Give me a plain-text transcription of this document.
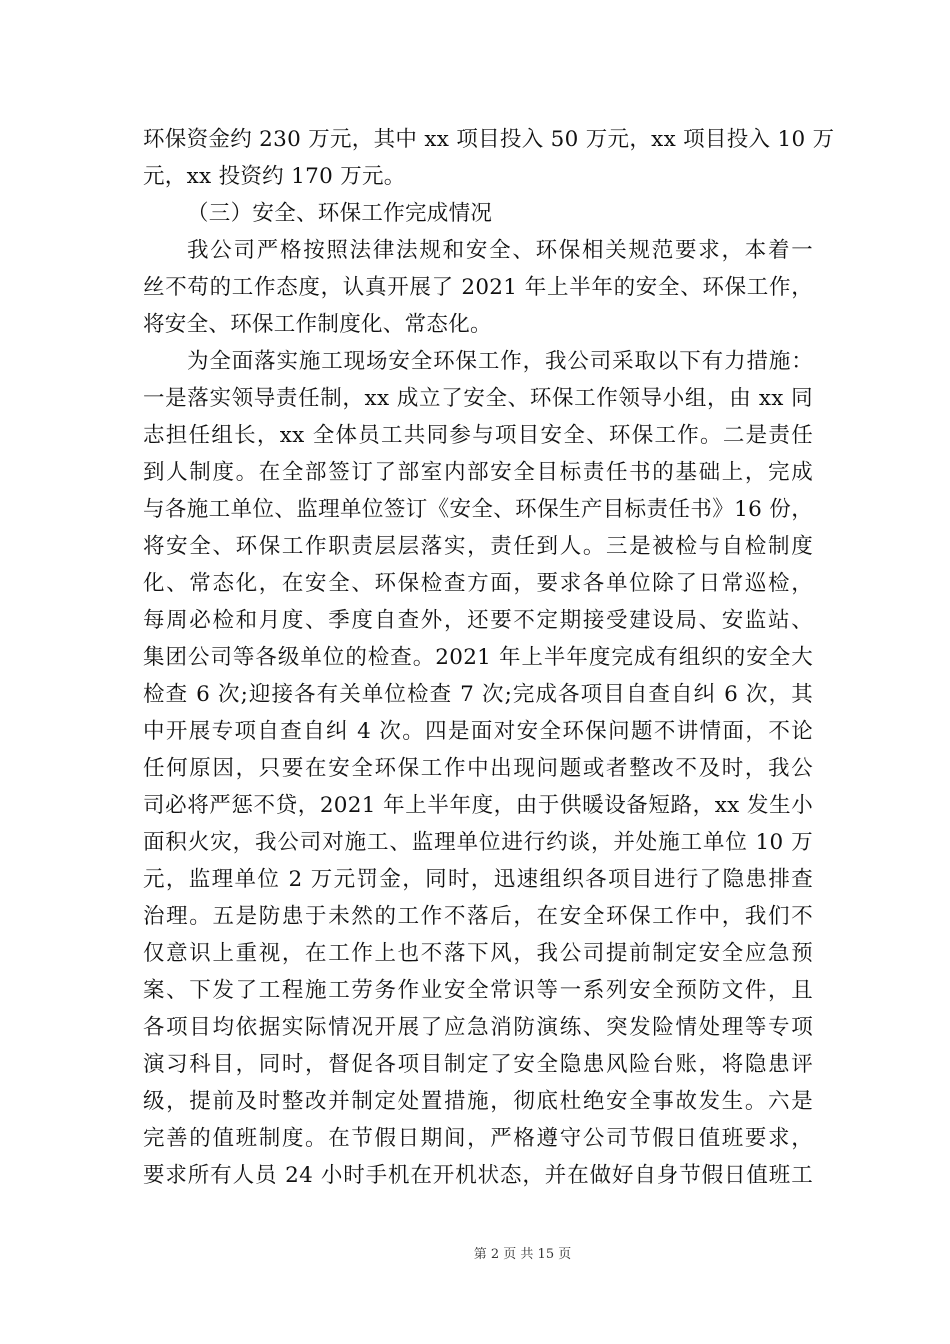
环保资金约 230 万元，其中 xx 项目投入 50 万元，xx 项目投入 10 万
元，xx 投资约 170 万元。
（三）安全、环保工作完成情况
我公司严格按照法律法规和安全、环保相关规范要求，本着一
丝不苟的工作态度，认真开展了 2021 年上半年的安全、环保工作，
将安全、环保工作制度化、常态化。
为全面落实施工现场安全环保工作，我公司采取以下有力措施：
一是落实领导责任制，xx 成立了安全、环保工作领导小组，由 xx 同
志担任组长，xx 全体员工共同参与项目安全、环保工作。二是责任
到人制度。在全部签订了部室内部安全目标责任书的基础上，完成
与各施工单位、监理单位签订《安全、环保生产目标责任书》16 份，
将安全、环保工作职责层层落实，责任到人。三是被检与自检制度
化、常态化，在安全、环保检查方面，要求各单位除了日常巡检，
每周必检和月度、季度自查外，还要不定期接受建设局、安监站、
集团公司等各级单位的检查。2021 年上半年度完成有组织的安全大
检查 6 次;迎接各有关单位检查 7 次;完成各项目自查自纠 6 次，其
中开展专项自查自纠 4 次。四是面对安全环保问题不讲情面，不论
任何原因，只要在安全环保工作中出现问题或者整改不及时，我公
司必将严惩不贷，2021 年上半年度，由于供暖设备短路，xx 发生小
面积火灾，我公司对施工、监理单位进行约谈，并处施工单位 10 万
元，监理单位 2 万元罚金，同时，迅速组织各项目进行了隐患排查
治理。五是防患于未然的工作不落后，在安全环保工作中，我们不
仅意识上重视，在工作上也不落下风，我公司提前制定安全应急预
案、下发了工程施工劳务作业安全常识等一系列安全预防文件，且
各项目均依据实际情况开展了应急消防演练、突发险情处理等专项
演习科目，同时，督促各项目制定了安全隐患风险台账，将隐患评
级，提前及时整改并制定处置措施，彻底杜绝安全事故发生。六是
完善的值班制度。在节假日期间，严格遵守公司节假日值班要求，
要求所有人员 24 小时手机在开机状态，并在做好自身节假日值班工
第 2 页 共 15 页
